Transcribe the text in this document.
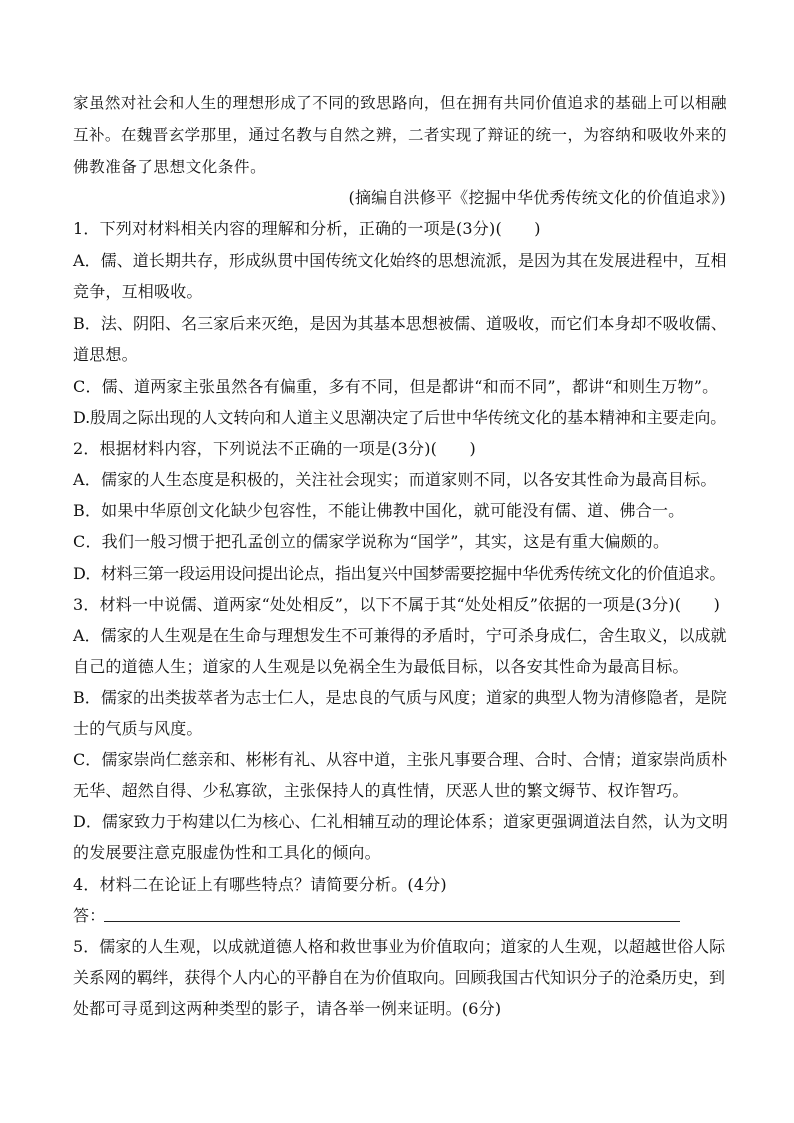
家虽然对社会和人生的理想形成了不同的致思路向，但在拥有共同价值追求的基础上可以相融
互补。在魏晋玄学那里，通过名教与自然之辨，二者实现了辩证的统一，为容纳和吸收外来的
佛教准备了思想文化条件。
(摘编自洪修平《挖掘中华优秀传统文化的价值追求》)
1．下列对材料相关内容的理解和分析，正确的一项是(3分)(　　)
A．儒、道长期共存，形成纵贯中国传统文化始终的思想流派，是因为其在发展进程中，互相
竞争，互相吸收。
B．法、阴阳、名三家后来灭绝，是因为其基本思想被儒、道吸收，而它们本身却不吸收儒、
道思想。
C．儒、道两家主张虽然各有偏重，多有不同，但是都讲“和而不同”，都讲“和则生万物”。
D.殷周之际出现的人文转向和人道主义思潮决定了后世中华传统文化的基本精神和主要走向。
2．根据材料内容，下列说法不正确的一项是(3分)(　　)
A．儒家的人生态度是积极的，关注社会现实；而道家则不同，以各安其性命为最高目标。
B．如果中华原创文化缺少包容性，不能让佛教中国化，就可能没有儒、道、佛合一。
C．我们一般习惯于把孔孟创立的儒家学说称为“国学”，其实，这是有重大偏颇的。
D．材料三第一段运用设问提出论点，指出复兴中国梦需要挖掘中华优秀传统文化的价值追求。
3．材料一中说儒、道两家“处处相反”，以下不属于其“处处相反”依据的一项是(3分)(　　)
A．儒家的人生观是在生命与理想发生不可兼得的矛盾时，宁可杀身成仁，舍生取义，以成就
自己的道德人生；道家的人生观是以免祸全生为最低目标，以各安其性命为最高目标。
B．儒家的出类拔萃者为志士仁人，是忠良的气质与风度；道家的典型人物为清修隐者，是院
士的气质与风度。
C．儒家崇尚仁慈亲和、彬彬有礼、从容中道，主张凡事要合理、合时、合情；道家崇尚质朴
无华、超然自得、少私寡欲，主张保持人的真性情，厌恶人世的繁文缛节、权诈智巧。
D．儒家致力于构建以仁为核心、仁礼相辅互动的理论体系；道家更强调道法自然，认为文明
的发展要注意克服虚伪性和工具化的倾向。
4．材料二在论证上有哪些特点？请简要分析。(4分)
答：
5．儒家的人生观，以成就道德人格和救世事业为价值取向；道家的人生观，以超越世俗人际
关系网的羁绊，获得个人内心的平静自在为价值取向。回顾我国古代知识分子的沧桑历史，到
处都可寻觅到这两种类型的影子，请各举一例来证明。(6分)
